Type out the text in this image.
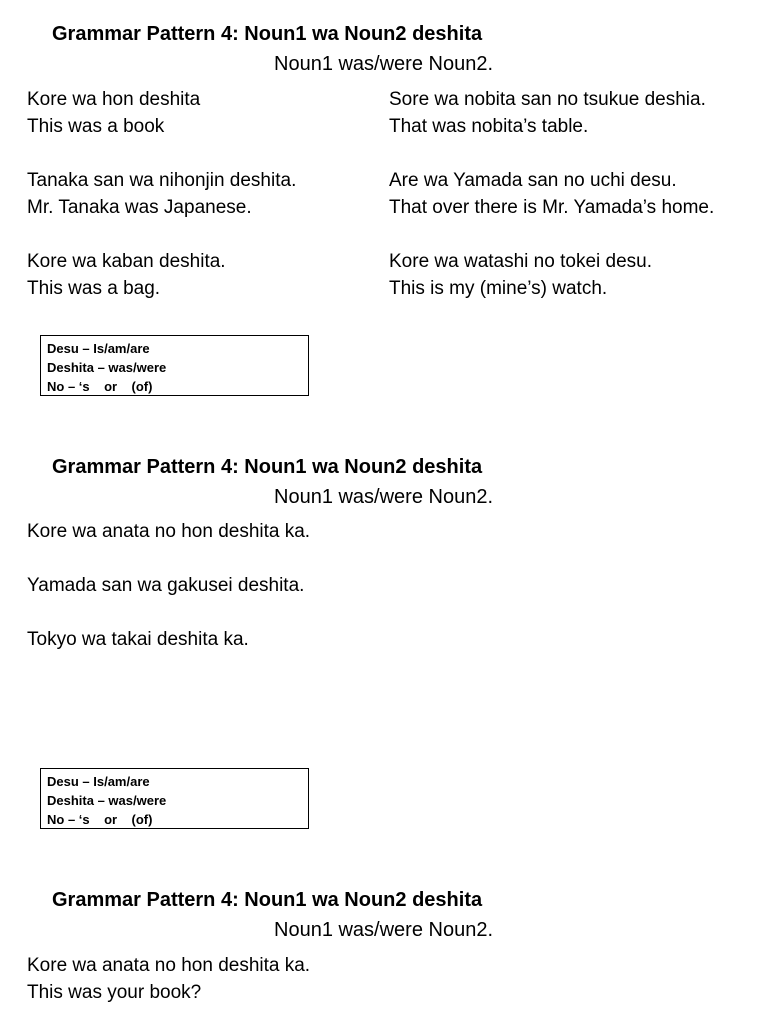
Grammar Pattern 4: Noun1 wa Noun2 deshita
Noun1 was/were Noun2.
Kore wa hon deshita
This was a book
Tanaka san wa nihonjin deshita.
Mr. Tanaka was Japanese.
Kore wa kaban deshita.
This was a bag.
Sore wa nobita san no tsukue deshia.
That was nobita’s table.
Are wa Yamada san no uchi desu.
That over there is Mr. Yamada’s home.
Kore wa watashi no tokei desu.
This is my (mine’s) watch.
Desu – Is/am/are
Deshita – was/were
No – ‘s    or    (of)
Grammar Pattern 4: Noun1 wa Noun2 deshita
Noun1 was/were Noun2.
Kore wa anata no hon deshita ka.
Yamada san wa gakusei deshita.
Tokyo wa takai deshita ka.
Desu – Is/am/are
Deshita – was/were
No – ‘s    or    (of)
Grammar Pattern 4: Noun1 wa Noun2 deshita
Noun1 was/were Noun2.
Kore wa anata no hon deshita ka.
This was your book?
